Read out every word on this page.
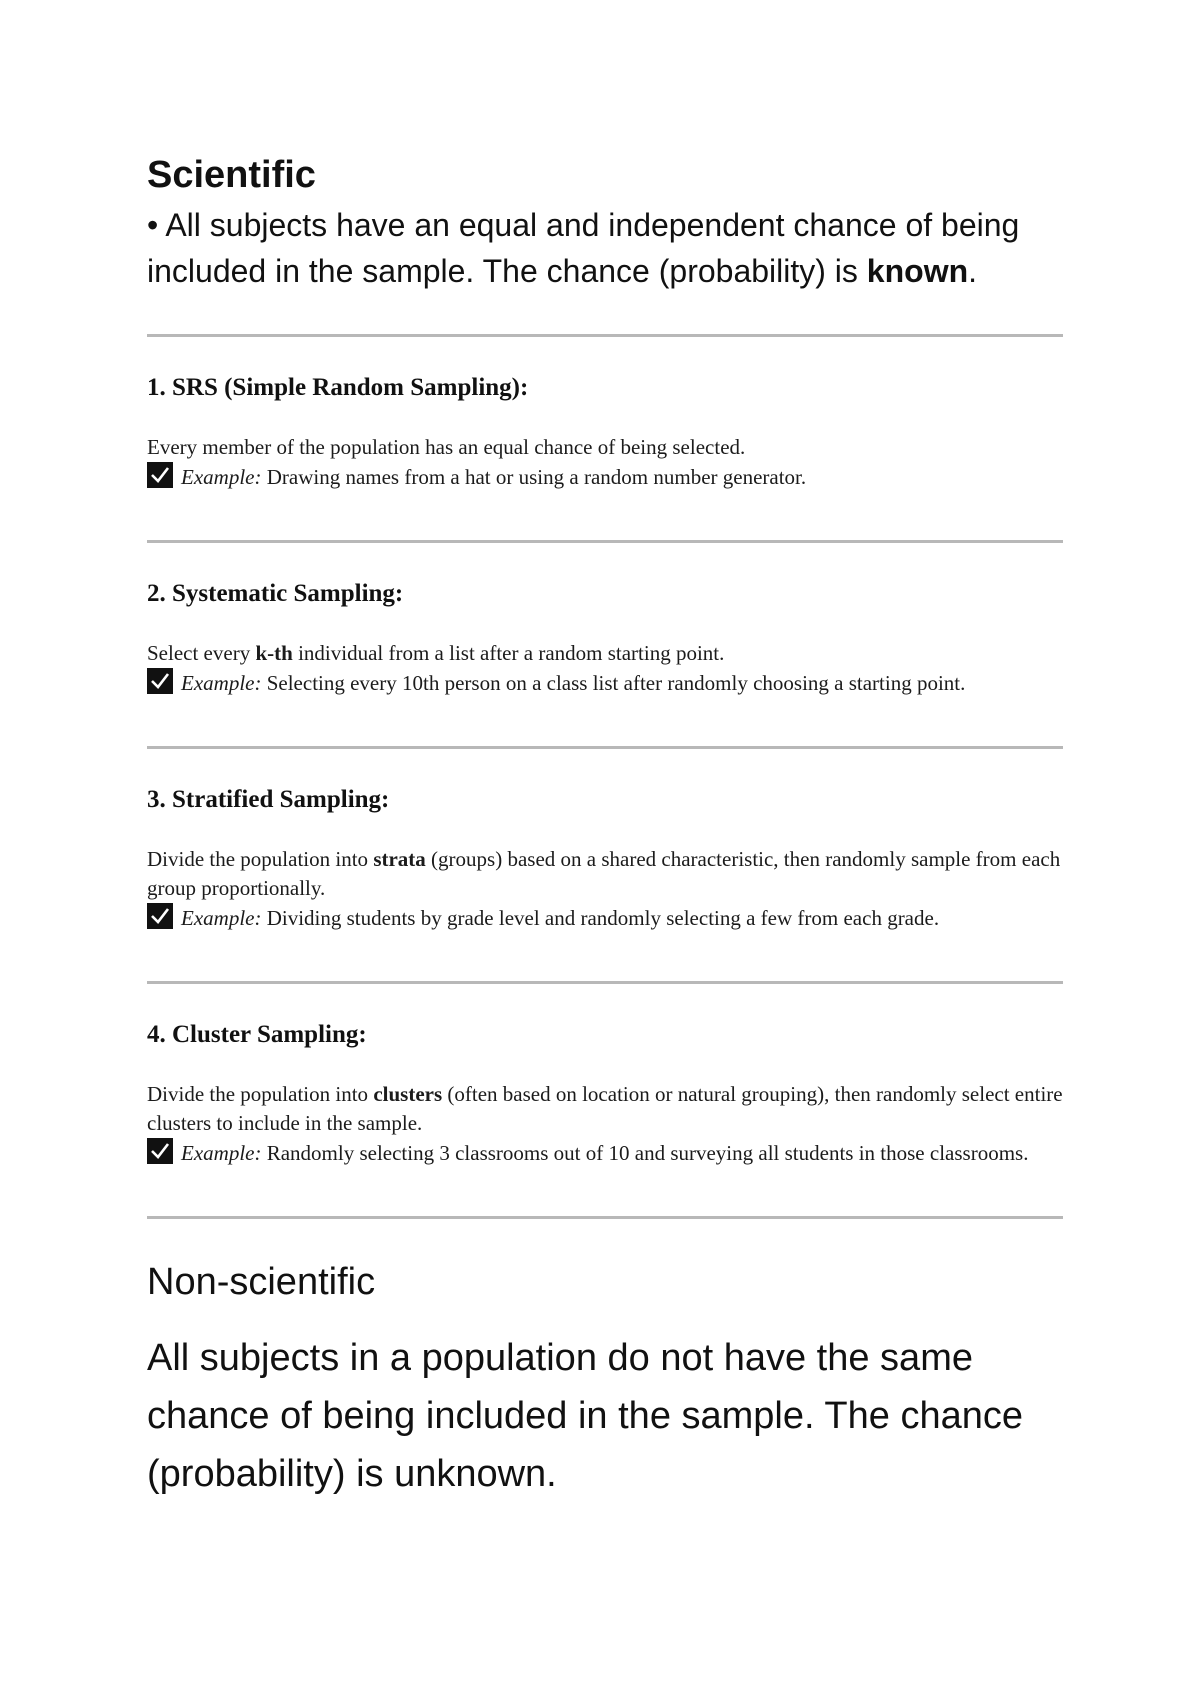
Scientific

• All subjects have an equal and independent chance of being included in the sample. The chance (probability) is known.

1. SRS (Simple Random Sampling):

Every member of the population has an equal chance of being selected.

Example: Drawing names from a hat or using a random number generator.

2. Systematic Sampling:

Select every k-th individual from a list after a random starting point.

Example: Selecting every 10th person on a class list after randomly choosing a starting point.

3. Stratified Sampling:

Divide the population into strata (groups) based on a shared characteristic, then randomly sample from each group proportionally.

Example: Dividing students by grade level and randomly selecting a few from each grade.

4. Cluster Sampling:

Divide the population into clusters (often based on location or natural grouping), then randomly select entire clusters to include in the sample.

Example: Randomly selecting 3 classrooms out of 10 and surveying all students in those classrooms.

Non-scientific

All subjects in a population do not have the same chance of being included in the sample. The chance (probability) is unknown.
